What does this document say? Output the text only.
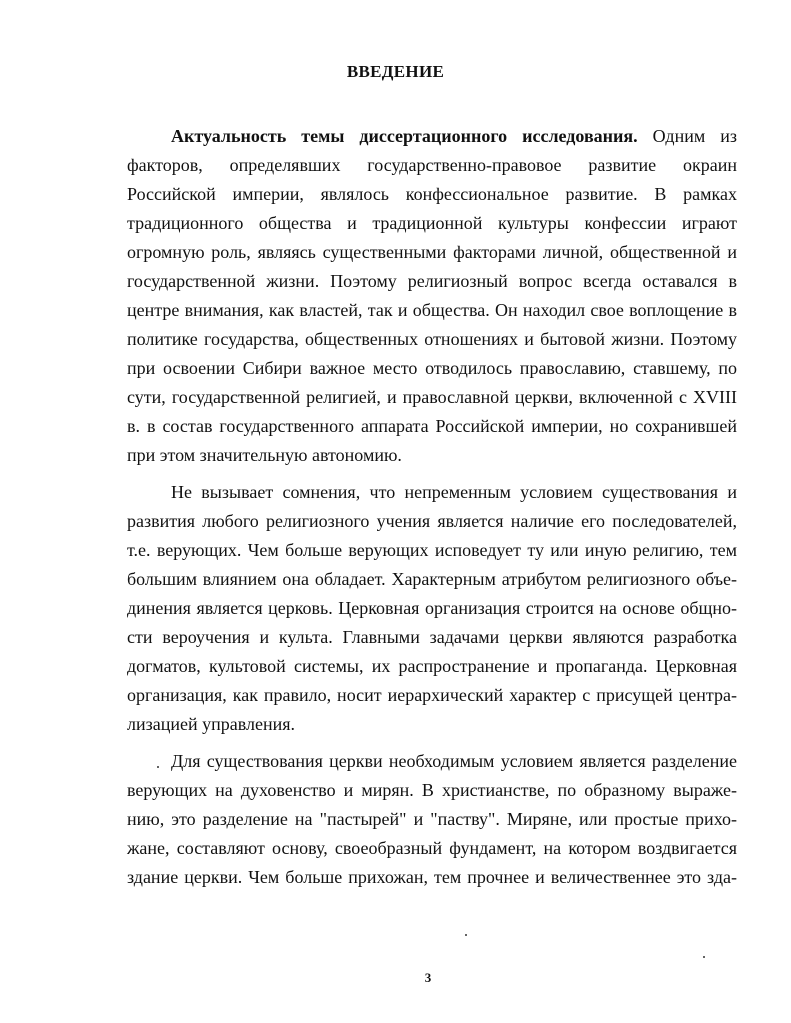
ВВЕДЕНИЕ
Актуальность темы диссертационного исследования. Одним из
факторов, определявших государственно-правовое развитие окраин
Российской империи, являлось конфессиональное развитие. В рамках
традиционного общества и традиционной культуры конфессии играют
огромную роль, являясь существенными факторами личной, общественной и
государственной жизни. Поэтому религиозный вопрос всегда оставался в
центре внимания, как властей, так и общества. Он находил свое воплощение в
политике государства, общественных отношениях и бытовой жизни. Поэтому
при освоении Сибири важное место отводилось православию, ставшему, по
сути, государственной религией, и православной церкви, включенной с XVIII
в. в состав государственного аппарата Российской империи, но сохранившей
при этом значительную автономию.
Не вызывает сомнения, что непременным условием существования и
развития любого религиозного учения является наличие его последователей,
т.е. верующих. Чем больше верующих исповедует ту или иную религию, тем
большим влиянием она обладает. Характерным атрибутом религиозного объе-
динения является церковь. Церковная организация строится на основе общно-
сти вероучения и культа. Главными задачами церкви являются разработка
догматов, культовой системы, их распространение и пропаганда. Церковная
организация, как правило, носит иерархический характер с присущей центра-
лизацией управления.
Для существования церкви необходимым условием является разделение
верующих на духовенство и мирян. В христианстве, по образному выраже-
нию, это разделение на "пастырей" и "паству". Миряне, или простые прихо-
жане, составляют основу, своеобразный фундамент, на котором воздвигается
здание церкви. Чем больше прихожан, тем прочнее и величественнее это зда-
3
